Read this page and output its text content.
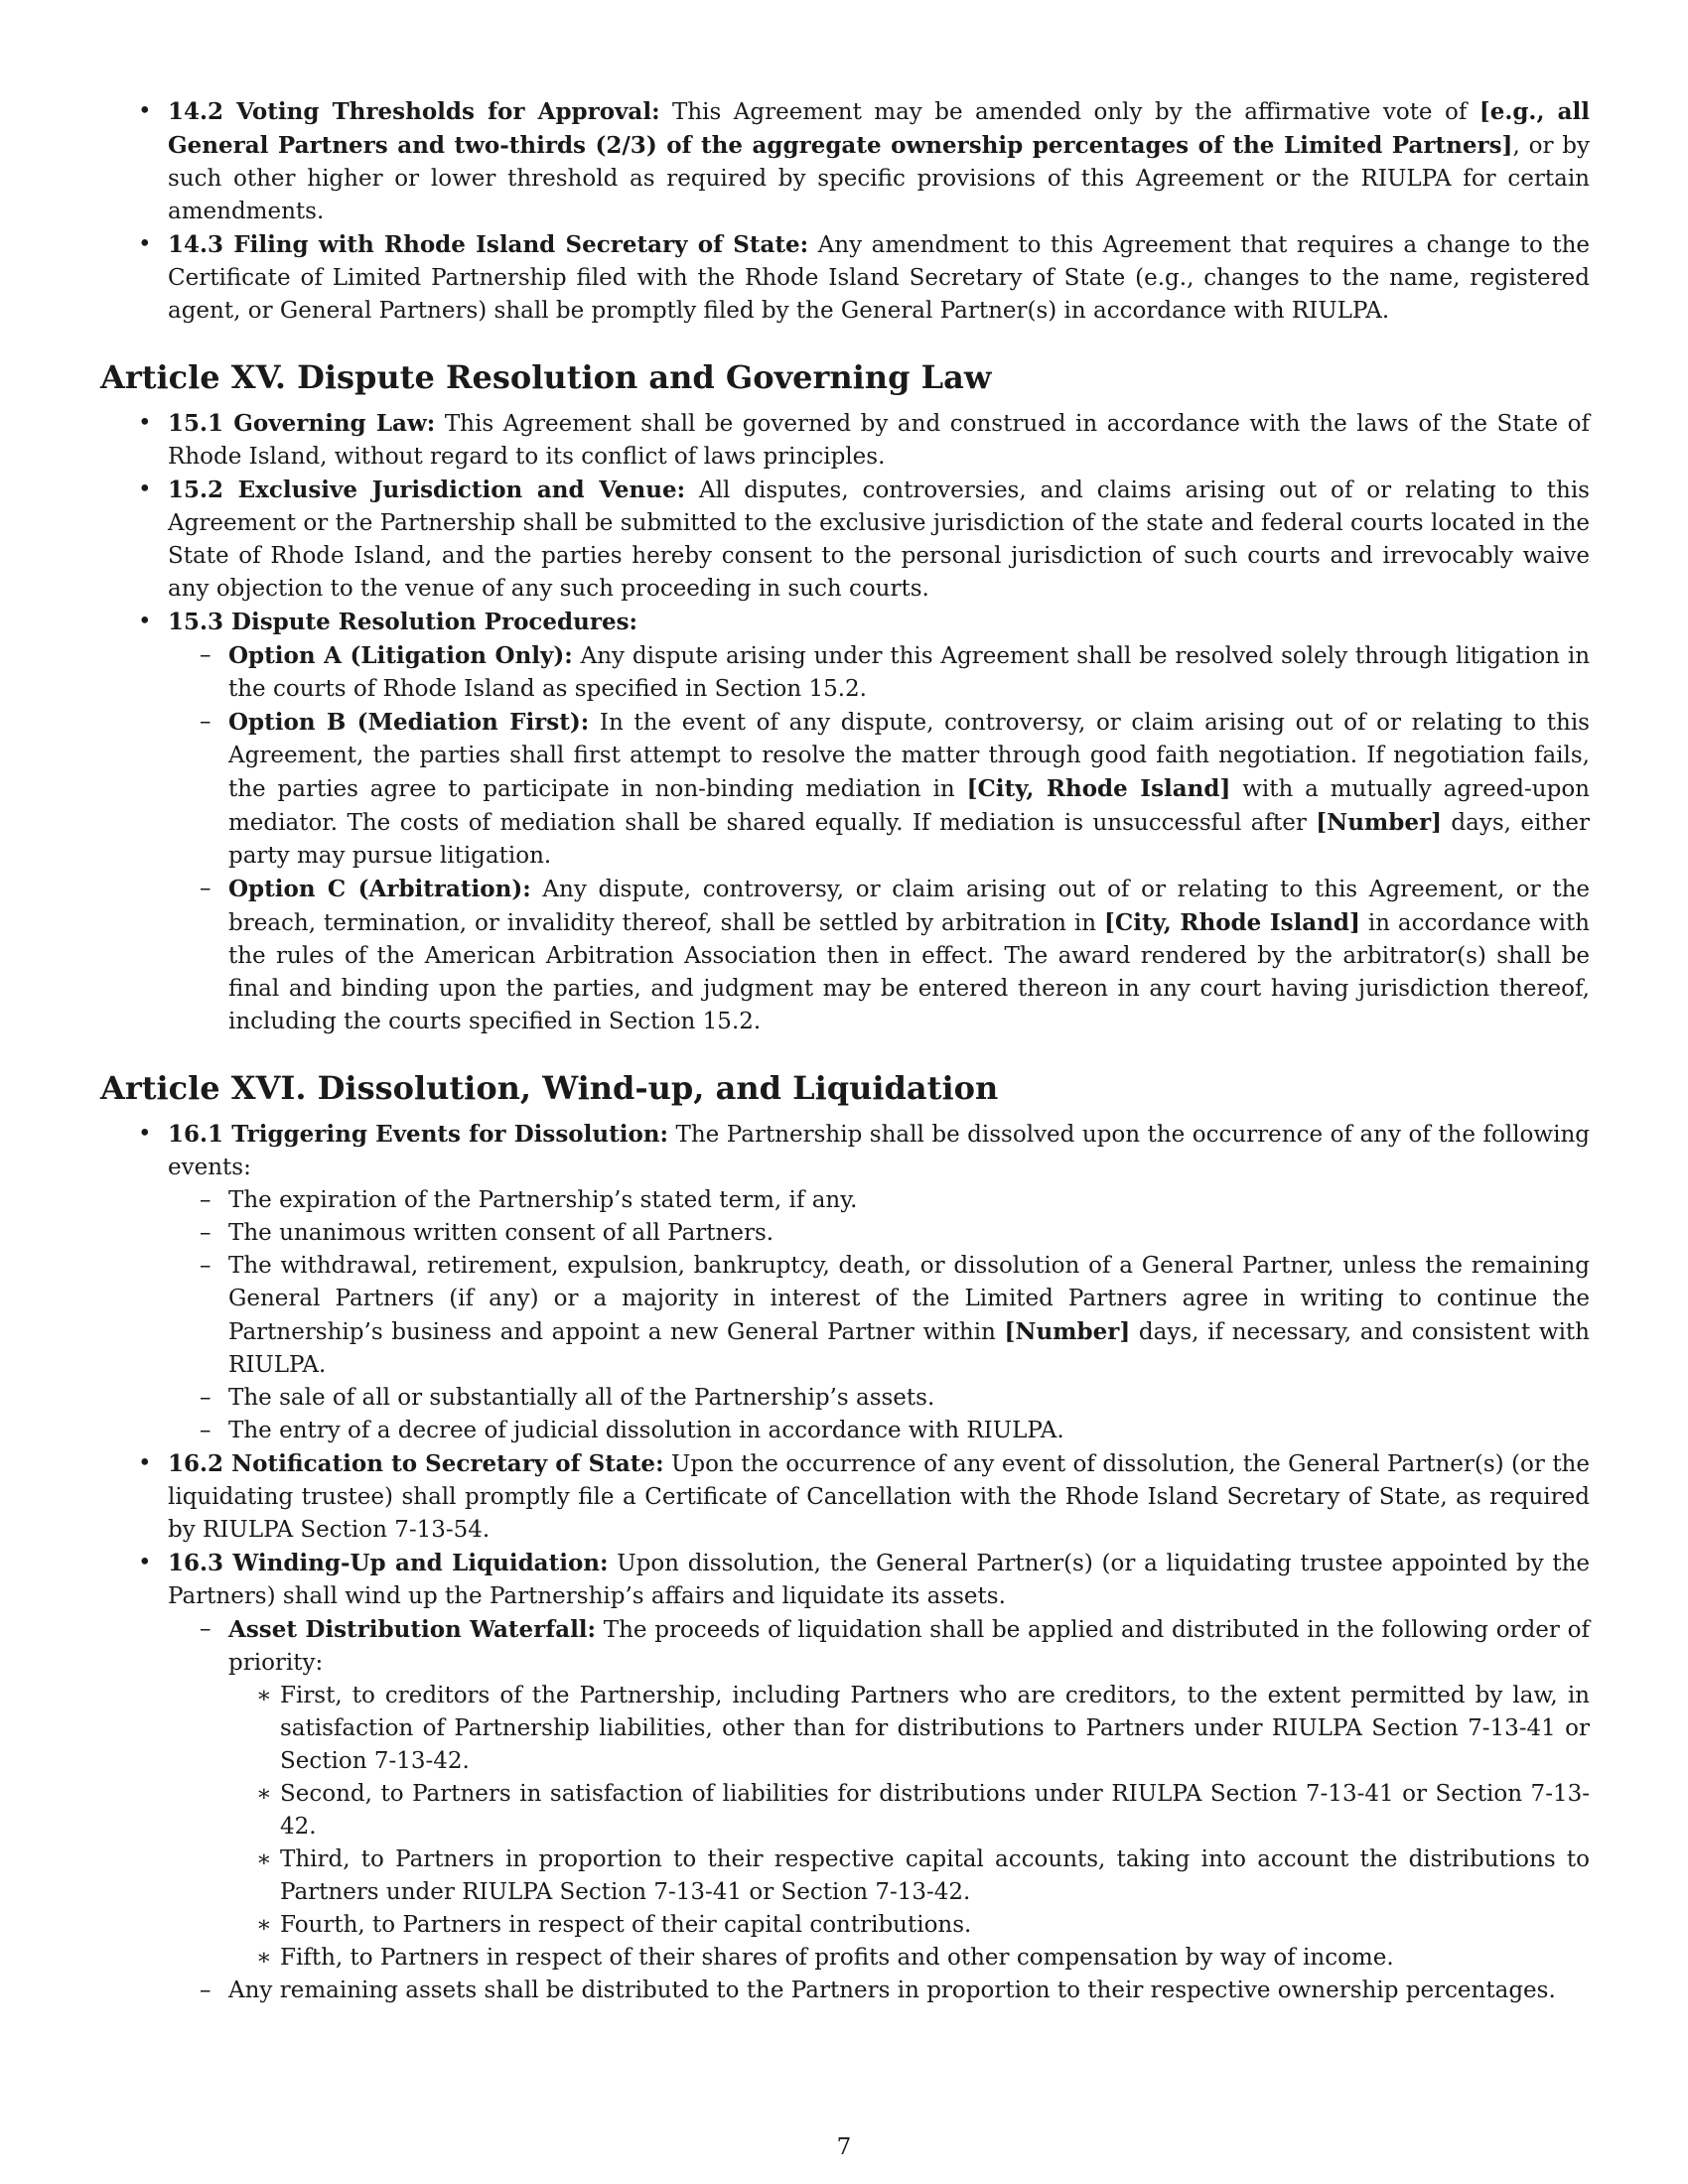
• 14.2 Voting Thresholds for Approval: This Agreement may be amended only by the affirmative vote of [e.g., all General Partners and two-thirds (2/3) of the aggregate ownership percentages of the Limited Partners], or by such other higher or lower threshold as required by specific provisions of this Agreement or the RIULPA for certain amendments.
• 14.3 Filing with Rhode Island Secretary of State: Any amendment to this Agreement that requires a change to the Certificate of Limited Partnership filed with the Rhode Island Secretary of State (e.g., changes to the name, registered agent, or General Partners) shall be promptly filed by the General Partner(s) in accordance with RIULPA.
Article XV. Dispute Resolution and Governing Law
• 15.1 Governing Law: This Agreement shall be governed by and construed in accordance with the laws of the State of Rhode Island, without regard to its conflict of laws principles.
• 15.2 Exclusive Jurisdiction and Venue: All disputes, controversies, and claims arising out of or relating to this Agreement or the Partnership shall be submitted to the exclusive jurisdiction of the state and federal courts located in the State of Rhode Island, and the parties hereby consent to the personal jurisdiction of such courts and irrevocably waive any objection to the venue of any such proceeding in such courts.
• 15.3 Dispute Resolution Procedures:
– Option A (Litigation Only): Any dispute arising under this Agreement shall be resolved solely through litigation in the courts of Rhode Island as specified in Section 15.2.
– Option B (Mediation First): In the event of any dispute, controversy, or claim arising out of or relating to this Agreement, the parties shall first attempt to resolve the matter through good faith negotiation. If negotiation fails, the parties agree to participate in non-binding mediation in [City, Rhode Island] with a mutually agreed-upon mediator. The costs of mediation shall be shared equally. If mediation is unsuccessful after [Number] days, either party may pursue litigation.
– Option C (Arbitration): Any dispute, controversy, or claim arising out of or relating to this Agreement, or the breach, termination, or invalidity thereof, shall be settled by arbitration in [City, Rhode Island] in accordance with the rules of the American Arbitration Association then in effect. The award rendered by the arbitrator(s) shall be final and binding upon the parties, and judgment may be entered thereon in any court having jurisdiction thereof, including the courts specified in Section 15.2.
Article XVI. Dissolution, Wind-up, and Liquidation
• 16.1 Triggering Events for Dissolution: The Partnership shall be dissolved upon the occurrence of any of the following events:
– The expiration of the Partnership’s stated term, if any.
– The unanimous written consent of all Partners.
– The withdrawal, retirement, expulsion, bankruptcy, death, or dissolution of a General Partner, unless the remaining General Partners (if any) or a majority in interest of the Limited Partners agree in writing to continue the Partnership’s business and appoint a new General Partner within [Number] days, if necessary, and consistent with RIULPA.
– The sale of all or substantially all of the Partnership’s assets.
– The entry of a decree of judicial dissolution in accordance with RIULPA.
• 16.2 Notification to Secretary of State: Upon the occurrence of any event of dissolution, the General Partner(s) (or the liquidating trustee) shall promptly file a Certificate of Cancellation with the Rhode Island Secretary of State, as required by RIULPA Section 7-13-54.
• 16.3 Winding-Up and Liquidation: Upon dissolution, the General Partner(s) (or a liquidating trustee appointed by the Partners) shall wind up the Partnership’s affairs and liquidate its assets.
– Asset Distribution Waterfall: The proceeds of liquidation shall be applied and distributed in the following order of priority:
∗ First, to creditors of the Partnership, including Partners who are creditors, to the extent permitted by law, in satisfaction of Partnership liabilities, other than for distributions to Partners under RIULPA Section 7-13-41 or Section 7-13-42.
∗ Second, to Partners in satisfaction of liabilities for distributions under RIULPA Section 7-13-41 or Section 7-13-42.
∗ Third, to Partners in proportion to their respective capital accounts, taking into account the distributions to Partners under RIULPA Section 7-13-41 or Section 7-13-42.
∗ Fourth, to Partners in respect of their capital contributions.
∗ Fifth, to Partners in respect of their shares of profits and other compensation by way of income.
– Any remaining assets shall be distributed to the Partners in proportion to their respective ownership percentages.
7
